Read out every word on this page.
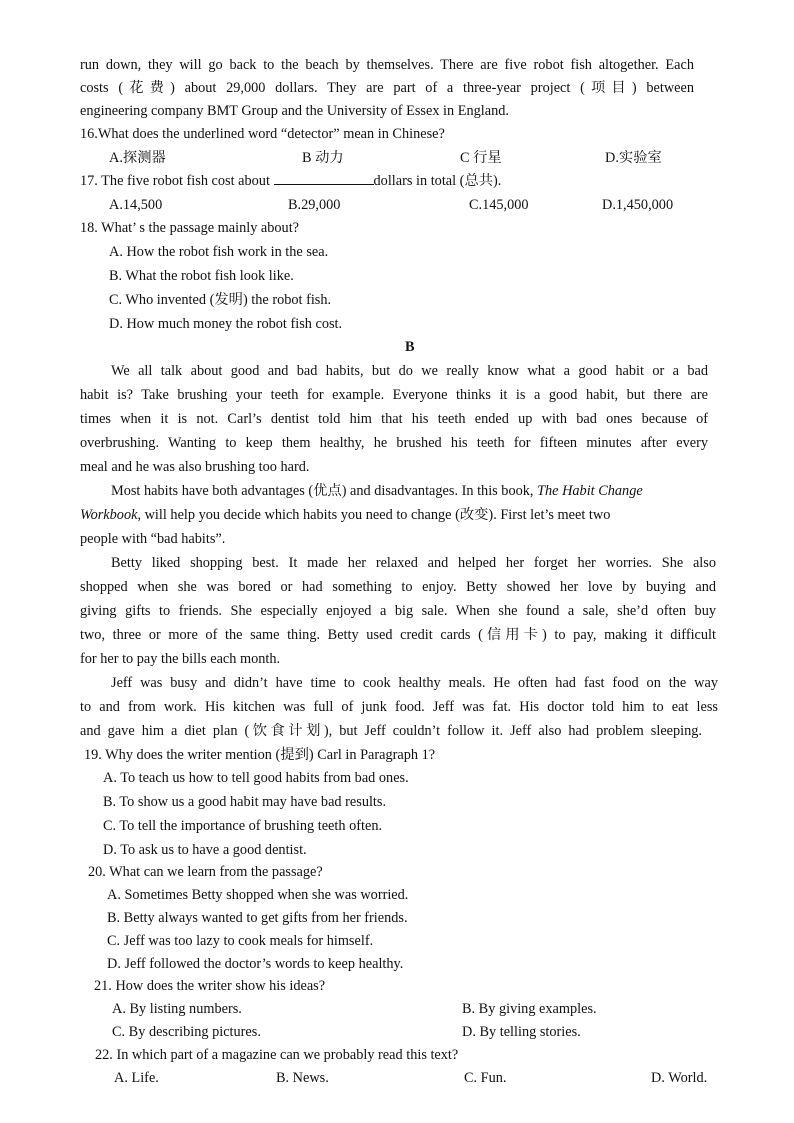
run down, they will go back to the beach by themselves. There are five robot fish altogether. Each
costs (花费) about 29,000 dollars. They are part of a three-year project (项目) between
engineering company BMT Group and the University of Essex in England.
16.What does the underlined word “detector” mean in Chinese?
A.探测器	B 动力	C 行星	D.实验室
17. The five robot fish cost about	dollars in total (总共).
A.14,500	B.29,000	C.145,000	D.1,450,000
18. What’ s the passage mainly about?
A. How the robot fish work in the sea.
B. What the robot fish look like.
C. Who invented (发明) the robot fish.
D. How much money the robot fish cost.
B
We all talk about good and bad habits, but do we really know what a good habit or a bad
habit is? Take brushing your teeth for example. Everyone thinks it is a good habit, but there are
times when it is not. Carl’s dentist told him that his teeth ended up with bad ones because of
overbrushing. Wanting to keep them healthy, he brushed his teeth for fifteen minutes after every
meal and he was also brushing too hard.
Most habits have both advantages (优点) and disadvantages. In this book, The Habit Change
Workbook, will help you decide which habits you need to change (改变). First let’s meet two
people with “bad habits”.
Betty liked shopping best. It made her relaxed and helped her forget her worries. She also
shopped when she was bored or had something to enjoy. Betty showed her love by buying and
giving gifts to friends. She especially enjoyed a big sale. When she found a sale, she’d often buy
two, three or more of the same thing. Betty used credit cards (信用卡) to pay, making it difficult
for her to pay the bills each month.
Jeff was busy and didn’t have time to cook healthy meals. He often had fast food on the way
to and from work. His kitchen was full of junk food. Jeff was fat. His doctor told him to eat less
and gave him a diet plan (饮食计划), but Jeff couldn’t follow it. Jeff also had problem sleeping.
19. Why does the writer mention (提到) Carl in Paragraph 1?
A. To teach us how to tell good habits from bad ones.
B. To show us a good habit may have bad results.
C. To tell the importance of brushing teeth often.
D. To ask us to have a good dentist.
20. What can we learn from the passage?
A. Sometimes Betty shopped when she was worried.
B. Betty always wanted to get gifts from her friends.
C. Jeff was too lazy to cook meals for himself.
D. Jeff followed the doctor’s words to keep healthy.
21. How does the writer show his ideas?
A. By listing numbers.	B. By giving examples.
C. By describing pictures.	D. By telling stories.
22. In which part of a magazine can we probably read this text?
A. Life.	B. News.	C. Fun.	D. World.
